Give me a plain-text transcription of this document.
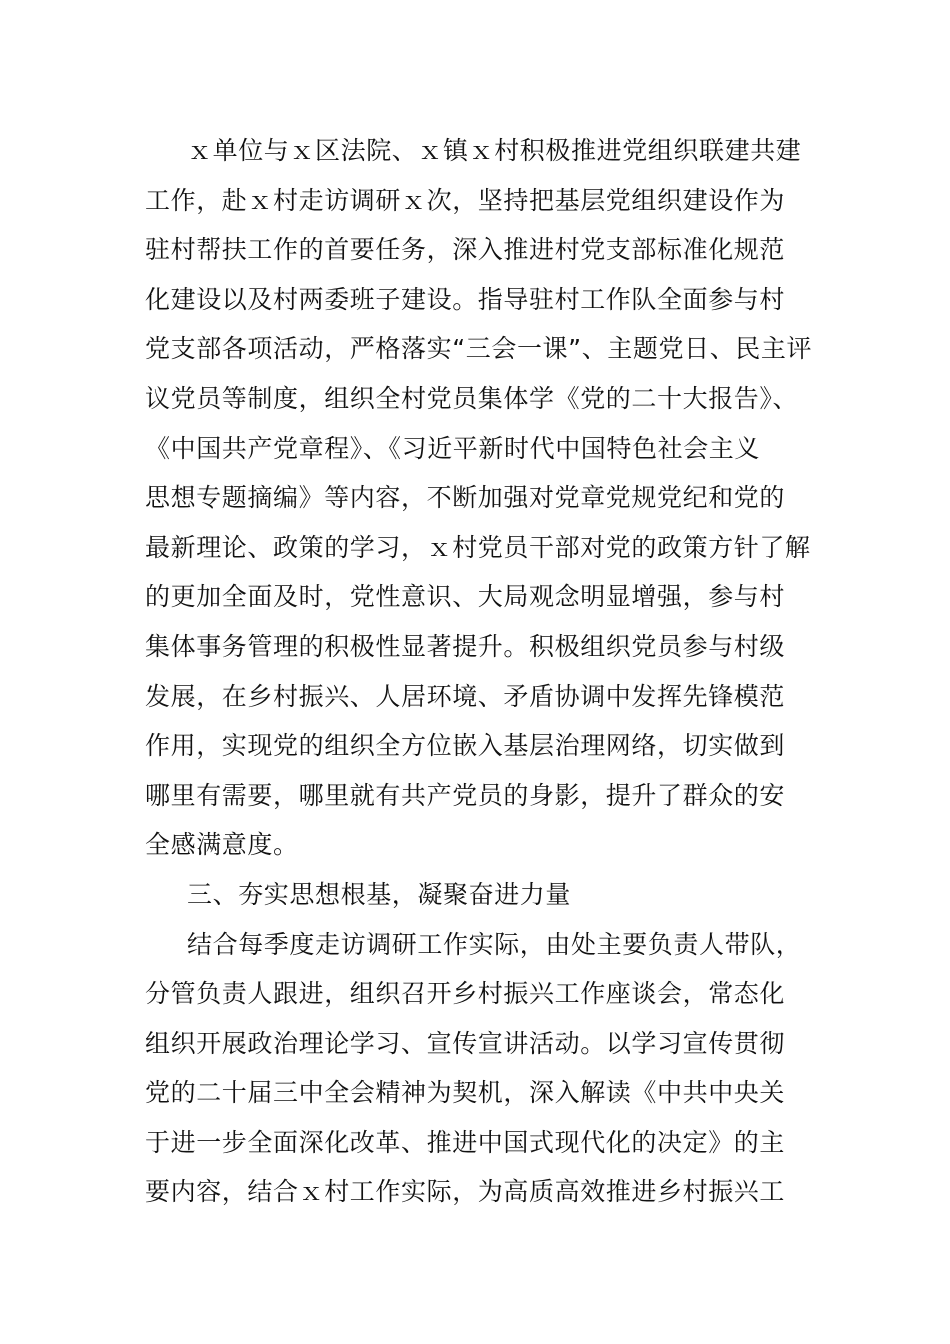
ｘ单位与ｘ区法院、ｘ镇ｘ村积极推进党组织联建共建
工作，赴ｘ村走访调研ｘ次，坚持把基层党组织建设作为
驻村帮扶工作的首要任务，深入推进村党支部标准化规范
化建设以及村两委班子建设。指导驻村工作队全面参与村
党支部各项活动，严格落实“三会一课”、主题党日、民主评
议党员等制度，组织全村党员集体学《党的二十大报告》、
《中国共产党章程》、《习近平新时代中国特色社会主义
思想专题摘编》等内容，不断加强对党章党规党纪和党的
最新理论、政策的学习，ｘ村党员干部对党的政策方针了解
的更加全面及时，党性意识、大局观念明显增强，参与村
集体事务管理的积极性显著提升。积极组织党员参与村级
发展，在乡村振兴、人居环境、矛盾协调中发挥先锋模范
作用，实现党的组织全方位嵌入基层治理网络，切实做到
哪里有需要，哪里就有共产党员的身影，提升了群众的安
全感满意度。
三、夯实思想根基，凝聚奋进力量
结合每季度走访调研工作实际，由处主要负责人带队，
分管负责人跟进，组织召开乡村振兴工作座谈会，常态化
组织开展政治理论学习、宣传宣讲活动。以学习宣传贯彻
党的二十届三中全会精神为契机，深入解读《中共中央关
于进一步全面深化改革、推进中国式现代化的决定》的主
要内容，结合ｘ村工作实际，为高质高效推进乡村振兴工
